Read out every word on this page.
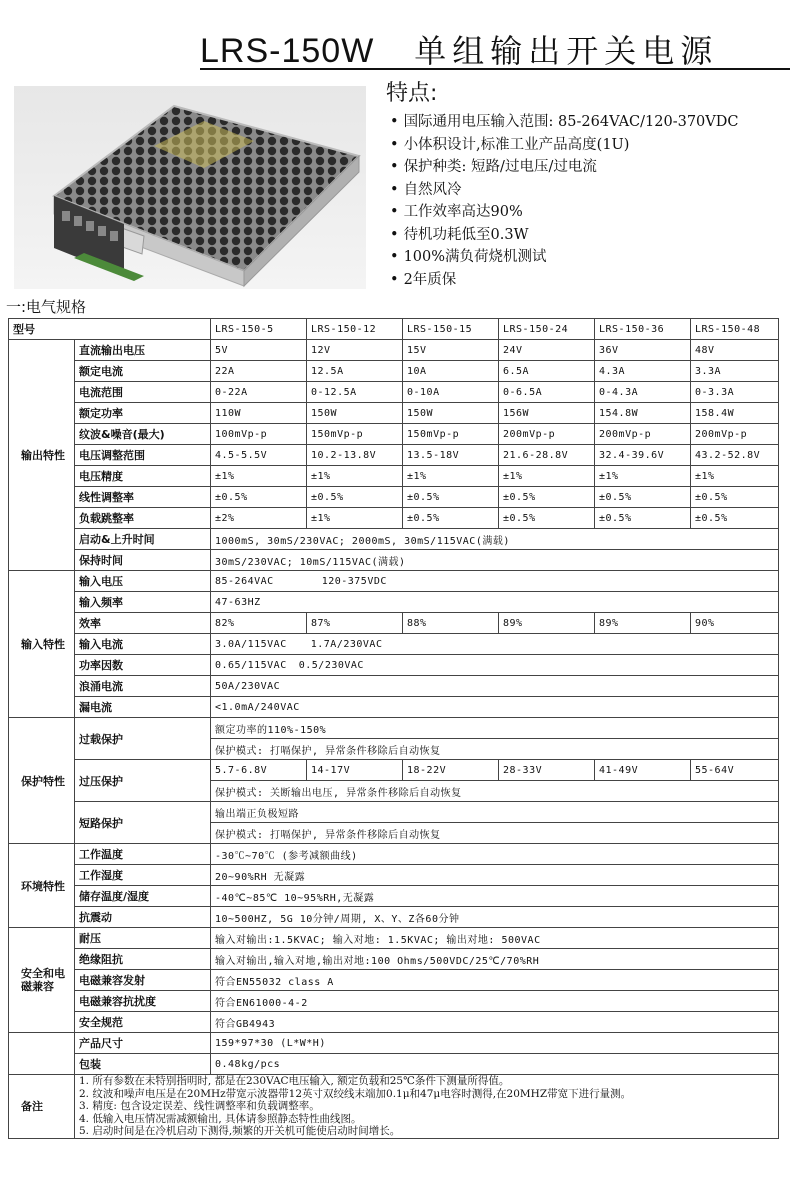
LRS-150W 单组输出开关电源
特点:
• 国际通用电压输入范围: 85-264VAC/120-370VDC
• 小体积设计,标准工业产品高度(1U)
• 保护种类: 短路/过电压/过电流
• 自然风冷
• 工作效率高达90%
• 待机功耗低至0.3W
• 100%满负荷烧机测试
• 2年质保
一:电气规格
型号		LRS-150-5	LRS-150-12	LRS-150-15	LRS-150-24	LRS-150-36	LRS-150-48
输出特性	直流输出电压	5V	12V	15V	24V	36V	48V
	额定电流	22A	12.5A	10A	6.5A	4.3A	3.3A
	电流范围	0-22A	0-12.5A	0-10A	0-6.5A	0-4.3A	0-3.3A
	额定功率	110W	150W	150W	156W	154.8W	158.4W
	纹波&噪音(最大)	100mVp-p	150mVp-p	150mVp-p	200mVp-p	200mVp-p	200mVp-p
	电压调整范围	4.5-5.5V	10.2-13.8V	13.5-18V	21.6-28.8V	32.4-39.6V	43.2-52.8V
	电压精度	±1%	±1%	±1%	±1%	±1%	±1%
	线性调整率	±0.5%	±0.5%	±0.5%	±0.5%	±0.5%	±0.5%
	负载跳整率	±2%	±1%	±0.5%	±0.5%	±0.5%	±0.5%
	启动&上升时间	1000mS, 30mS/230VAC; 2000mS, 30mS/115VAC(满载)					
	保持时间	30mS/230VAC; 10mS/115VAC(满载)					
输入特性	输入电压	85-264VAC 120-375VDC					
	输入频率	47-63HZ					
	效率	82%	87%	88%	89%	89%	90%
	输入电流	3.0A/115VAC 1.7A/230VAC					
	功率因数	0.65/115VAC 0.5/230VAC					
	浪涌电流	50A/230VAC					
	漏电流	<1.0mA/240VAC					
保护特性	过载保护	额定功率的110%-150%					
		保护模式: 打嗝保护, 异常条件移除后自动恢复					
	过压保护	5.7-6.8V	14-17V	18-22V	28-33V	41-49V	55-64V
		保护模式: 关断输出电压, 异常条件移除后自动恢复					
	短路保护	输出端正负极短路					
		保护模式: 打嗝保护, 异常条件移除后自动恢复					
环境特性	工作温度	-30℃~70℃ (参考减额曲线)					
	工作湿度	20~90%RH 无凝露					
	储存温度/湿度	-40℃~85℃ 10~95%RH,无凝露					
	抗震动	10~500HZ, 5G 10分钟/周期, X、Y、Z各60分钟					

安全和电
磁兼容	耐压	输入对输出:1.5KVAC; 输入对地: 1.5KVAC; 输出对地: 500VAC					
	绝缘阻抗	输入对输出,输入对地,输出对地:100 Ohms/500VDC/25℃/70%RH					
	电磁兼容发射	符合EN55032 class A					
	电磁兼容抗扰度	符合EN61000-4-2					
	安全规范	符合GB4943					
	产品尺寸	159*97*30 (L*W*H)					
	包装	0.48kg/pcs					
备注	1. 所有参数在未特别指明时, 都是在230VAC电压输入, 额定负载和25℃条件下测量所得值。
2. 纹波和噪声电压是在20MHz带宽示波器带12英寸双绞线末端加0.1μ和47μ电容时测得,在20MHZ带宽下进行量测。
3. 精度: 包含设定误差、线性调整率和负载调整率。
4. 低输入电压情况需减额输出, 具体请参照静态特性曲线图。
5. 启动时间是在冷机启动下测得,频繁的开关机可能使启动时间增长。						
